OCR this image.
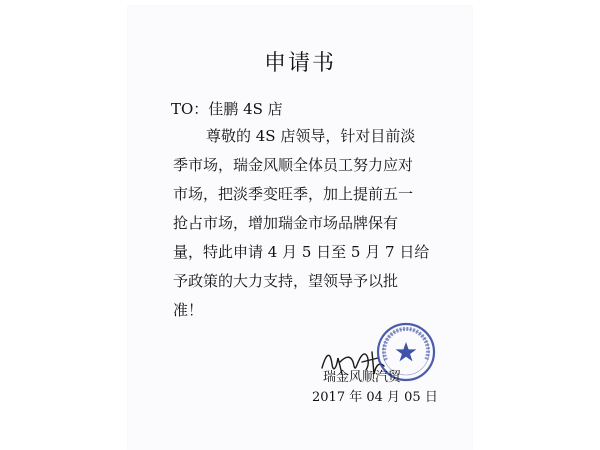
申请书
TO：佳鹏 4S 店
尊敬的 4S 店领导，针对目前淡
季市场，瑞金风顺全体员工努力应对
市场，把淡季变旺季，加上提前五一
抢占市场，增加瑞金市场品牌保有
量，特此申请 4 月 5 日至 5 月 7 日给
予政策的大力支持，望领导予以批
准！
瑞金风顺汽贸
2017 年 04 月 05 日
